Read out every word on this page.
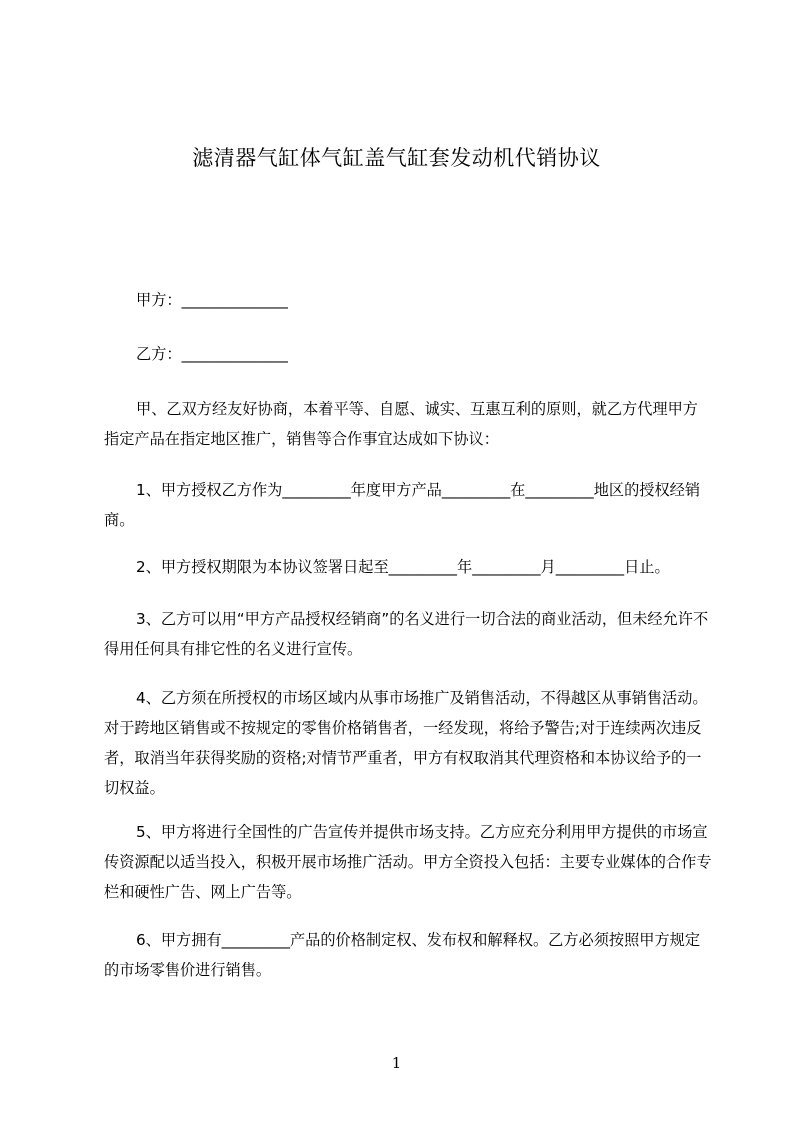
滤清器气缸体气缸盖气缸套发动机代销协议
甲方：______________
乙方：______________
甲、乙双方经友好协商，本着平等、自愿、诚实、互惠互利的原则，就乙方代理甲方指定产品在指定地区推广，销售等合作事宜达成如下协议：
1、甲方授权乙方作为_________年度甲方产品_________在_________地区的授权经销商。
2、甲方授权期限为本协议签署日起至_________年_________月_________日止。
3、乙方可以用“甲方产品授权经销商”的名义进行一切合法的商业活动，但未经允许不得用任何具有排它性的名义进行宣传。
4、乙方须在所授权的市场区域内从事市场推广及销售活动，不得越区从事销售活动。对于跨地区销售或不按规定的零售价格销售者，一经发现，将给予警告;对于连续两次违反者，取消当年获得奖励的资格;对情节严重者，甲方有权取消其代理资格和本协议给予的一切权益。
5、甲方将进行全国性的广告宣传并提供市场支持。乙方应充分利用甲方提供的市场宣传资源配以适当投入，积极开展市场推广活动。甲方全资投入包括：主要专业媒体的合作专栏和硬性广告、网上广告等。
6、甲方拥有_________产品的价格制定权、发布权和解释权。乙方必须按照甲方规定的市场零售价进行销售。
1
